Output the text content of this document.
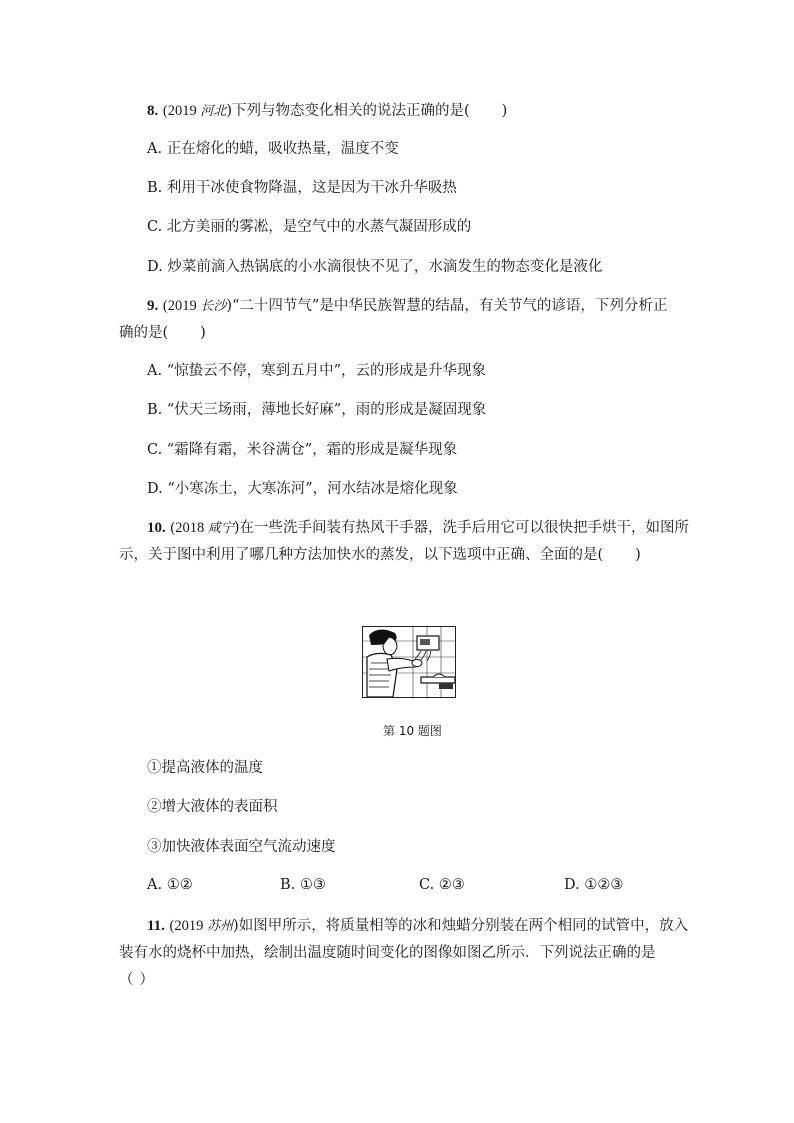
8. (2019 河北)下列与物态变化相关的说法正确的是( )
A. 正在熔化的蜡，吸收热量，温度不变
B. 利用干冰使食物降温，这是因为干冰升华吸热
C. 北方美丽的雾凇，是空气中的水蒸气凝固形成的
D. 炒菜前滴入热锅底的小水滴很快不见了，水滴发生的物态变化是液化
9. (2019 长沙)“二十四节气”是中华民族智慧的结晶，有关节气的谚语，下列分析正
确的是( )
A. “惊蛰云不停，寒到五月中”，云的形成是升华现象
B. “伏天三场雨，薄地长好麻”，雨的形成是凝固现象
C. “霜降有霜，米谷满仓”，霜的形成是凝华现象
D. “小寒冻土，大寒冻河”，河水结冰是熔化现象
10. (2018 咸宁)在一些洗手间装有热风干手器，洗手后用它可以很快把手烘干，如图所
示，关于图中利用了哪几种方法加快水的蒸发，以下选项中正确、全面的是( )
第 10 题图
①提高液体的温度
②增大液体的表面积
③加快液体表面空气流动速度
A. ①②	B. ①③	C. ②③	D. ①②③
11. (2019 苏州)如图甲所示，将质量相等的冰和烛蜡分别装在两个相同的试管中，放入
装有水的烧杯中加热，绘制出温度随时间变化的图像如图乙所示．下列说法正确的是
（ ）
